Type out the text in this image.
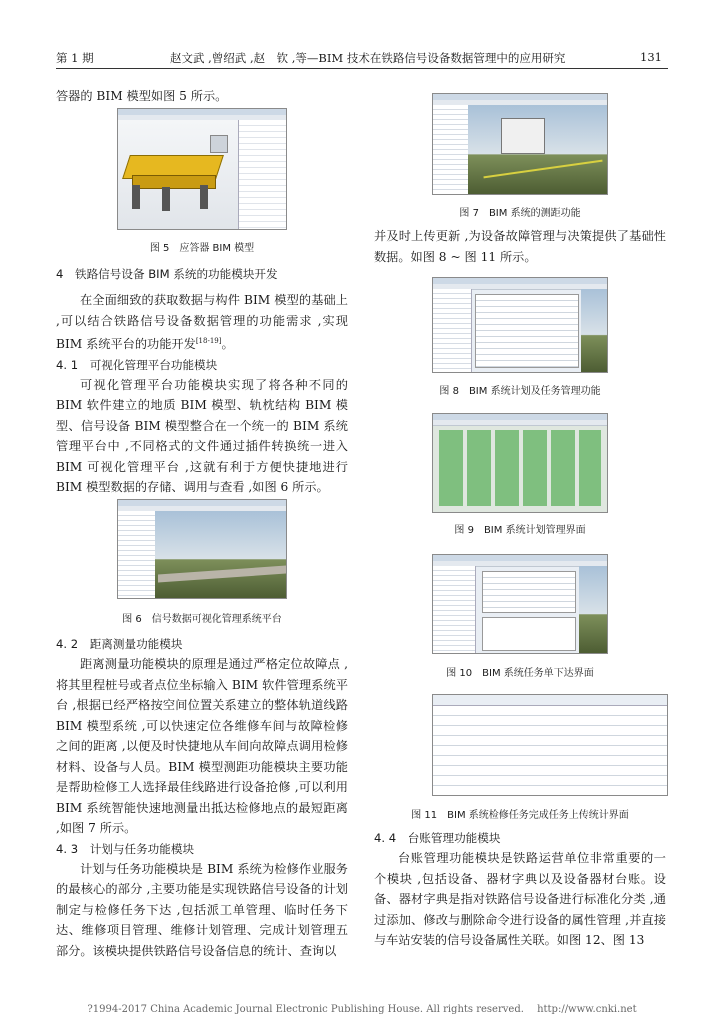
第 1 期	赵文武 ,曾绍武 ,赵　钦 ,等—BIM 技术在铁路信号设备数据管理中的应用研究	131

答器的 BIM 模型如图 5 所示。

图 5　应答器 BIM 模型

4　铁路信号设备 BIM 系统的功能模块开发

在全面细致的获取数据与构件 BIM 模型的基础上 ,可以结合铁路信号设备数据管理的功能需求 ,实现 BIM 系统平台的功能开发[18-19]。

4. 1　可视化管理平台功能模块

可视化管理平台功能模块实现了将各种不同的 BIM 软件建立的地质 BIM 模型、轨枕结构 BIM 模型、信号设备 BIM 模型整合在一个统一的 BIM 系统管理平台中 ,不同格式的文件通过插件转换统一进入 BIM 可视化管理平台 ,这就有利于方便快捷地进行 BIM 模型数据的存储、调用与查看 ,如图 6 所示。

图 6　信号数据可视化管理系统平台

4. 2　距离测量功能模块

距离测量功能模块的原理是通过严格定位故障点 ,将其里程桩号或者点位坐标输入 BIM 软件管理系统平台 ,根据已经严格按空间位置关系建立的整体轨道线路 BIM 模型系统 ,可以快速定位各维修车间与故障检修之间的距离 ,以便及时快捷地从车间向故障点调用检修材料、设备与人员。BIM 模型测距功能模块主要功能是帮助检修工人选择最佳线路进行设备抢修 ,可以利用 BIM 系统智能快速地测量出抵达检修地点的最短距离 ,如图 7 所示。

4. 3　计划与任务功能模块

计划与任务功能模块是 BIM 系统为检修作业服务的最核心的部分 ,主要功能是实现铁路信号设备的计划制定与检修任务下达 ,包括派工单管理、临时任务下达、维修项目管理、维修计划管理、完成计划管理五部分。该模块提供铁路信号设备信息的统计、查询以

图 7　BIM 系统的测距功能

并及时上传更新 ,为设备故障管理与决策提供了基础性数据。如图 8 ~ 图 11 所示。

图 8　BIM 系统计划及任务管理功能
图 9　BIM 系统计划管理界面
图 10　BIM 系统任务单下达界面
图 11　BIM 系统检修任务完成任务上传统计界面

4. 4　台账管理功能模块

台账管理功能模块是铁路运营单位非常重要的一个模块 ,包括设备、器材字典以及设备器材台账。设备、器材字典是指对铁路信号设备进行标准化分类 ,通过添加、修改与删除命令进行设备的属性管理 ,并直接与车站安装的信号设备属性关联。如图 12、图 13

?1994-2017 China Academic Journal Electronic Publishing House. All rights reserved.　 http://www.cnki.net
